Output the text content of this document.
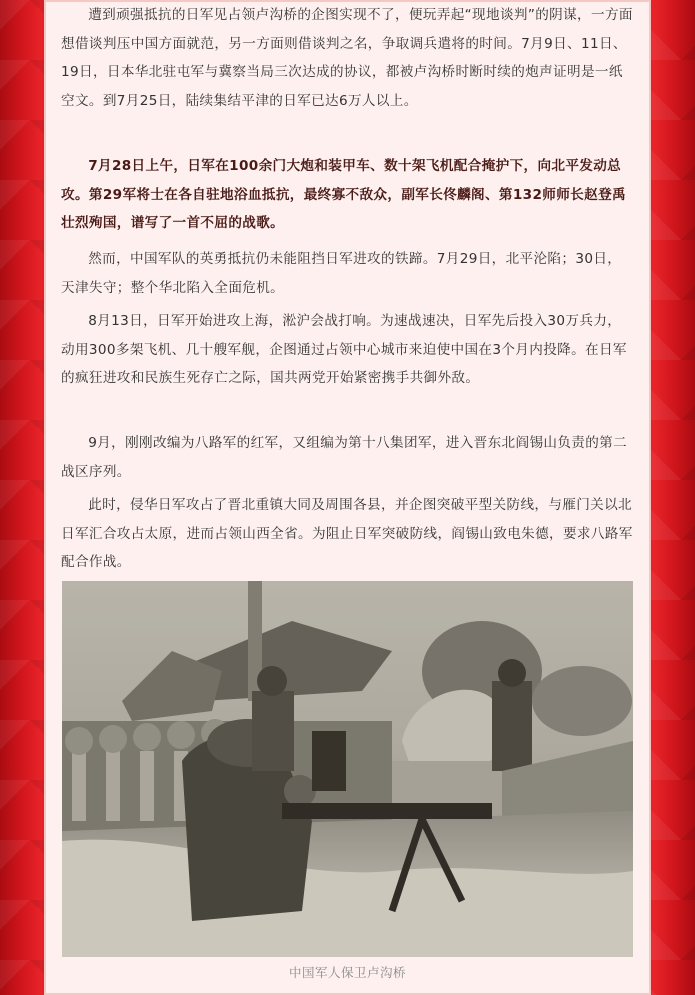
遭到顽强抵抗的日军见占领卢沟桥的企图实现不了，便玩弄起“现地谈判”的阴谋，一方面想借谈判压中国方面就范，另一方面则借谈判之名，争取调兵遣将的时间。7月9日、11日、19日，日本华北驻屯军与冀察当局三次达成的协议，都被卢沟桥时断时续的炮声证明是一纸空文。到7月25日，陆续集结平津的日军已达6万人以上。

7月28日上午，日军在100余门大炮和装甲车、数十架飞机配合掩护下，向北平发动总攻。第29军将士在各自驻地浴血抵抗，最终寡不敌众，副军长佟麟阁、第132师师长赵登禹壮烈殉国，谱写了一首不屈的战歌。

然而，中国军队的英勇抵抗仍未能阻挡日军进攻的铁蹄。7月29日，北平沦陷；30日，天津失守；整个华北陷入全面危机。

8月13日，日军开始进攻上海，淞沪会战打响。为速战速决，日军先后投入30万兵力，动用300多架飞机、几十艘军舰，企图通过占领中心城市来迫使中国在3个月内投降。在日军的疯狂进攻和民族生死存亡之际，国共两党开始紧密携手共御外敌。

9月，刚刚改编为八路军的红军，又组编为第十八集团军，进入晋东北阎锡山负责的第二战区序列。

此时，侵华日军攻占了晋北重镇大同及周围各县，并企图突破平型关防线，与雁门关以北日军汇合攻占太原，进而占领山西全省。为阻止日军突破防线，阎锡山致电朱德，要求八路军配合作战。

中国军人保卫卢沟桥
